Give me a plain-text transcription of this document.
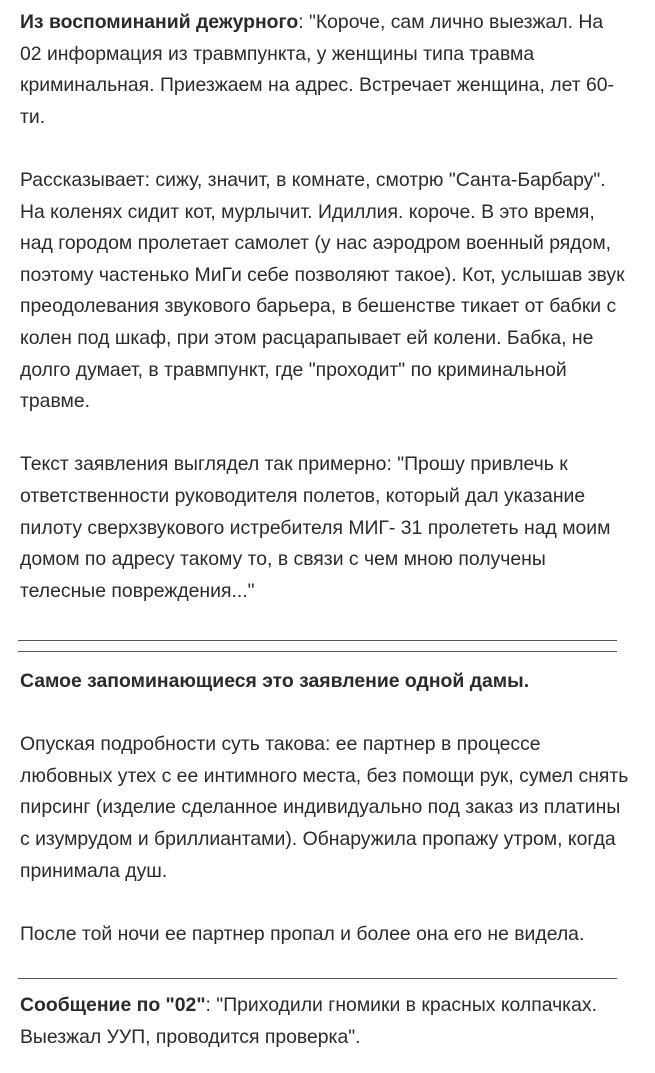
Из воспоминаний дежурного: "Короче, сам лично выезжал. На 02 информация из травмпункта, у женщины типа травма криминальная. Приезжаем на адрес. Встречает женщина, лет 60-ти.

Рассказывает: сижу, значит, в комнате, смотрю "Санта-Барбару". На коленях сидит кот, мурлычит. Идиллия. короче. В это время, над городом пролетает самолет (у нас аэродром военный рядом, поэтому частенько МиГи себе позволяют такое). Кот, услышав звук преодолевания звукового барьера, в бешенстве тикает от бабки с колен под шкаф, при этом расцарапывает ей колени. Бабка, не долго думает, в травмпункт, где "проходит" по криминальной травме.

Текст заявления выглядел так примерно: "Прошу привлечь к ответственности руководителя полетов, который дал указание пилоту сверхзвукового истребителя МИГ- 31 пролететь над моим домом по адресу такому то, в связи с чем мною получены телесные повреждения..."

Самое запоминающиеся это заявление одной дамы.

Опуская подробности суть такова: ее партнер в процессе любовных утех с ее интимного места, без помощи рук, сумел снять пирсинг (изделие сделанное индивидуально под заказ из платины с изумрудом и бриллиантами). Обнаружила пропажу утром, когда принимала душ.

После той ночи ее партнер пропал и более она его не видела.

Сообщение по "02": "Приходили гномики в красных колпачках. Выезжал УУП, проводится проверка".
